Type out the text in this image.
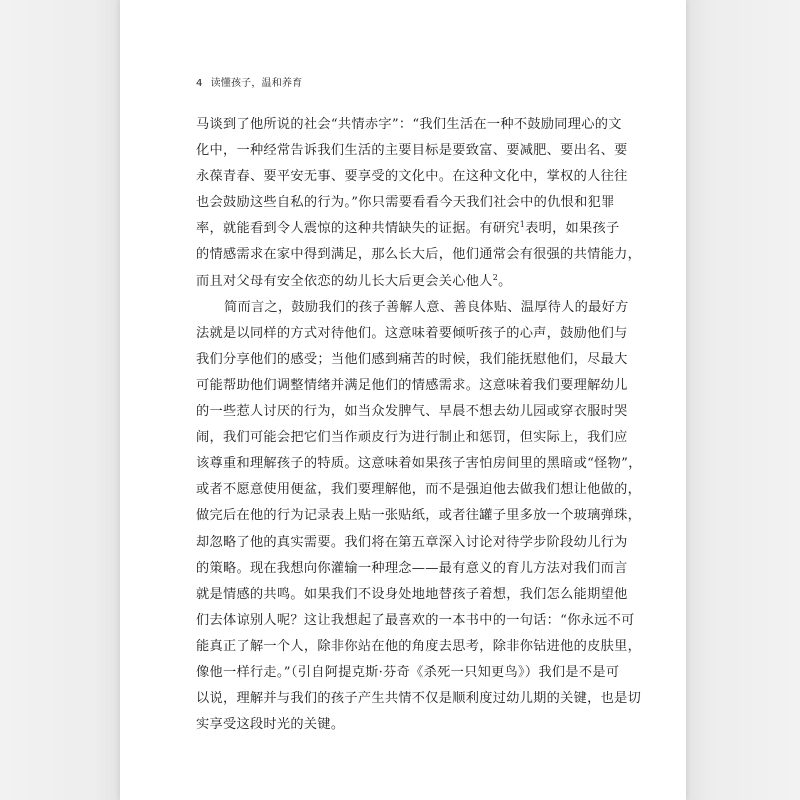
4 读懂孩子，温和养育
马谈到了他所说的社会“共情赤字”：“我们生活在一种不鼓励同理心的文
化中，一种经常告诉我们生活的主要目标是要致富、要减肥、要出名、要
永葆青春、要平安无事、要享受的文化中。在这种文化中，掌权的人往往
也会鼓励这些自私的行为。”你只需要看看今天我们社会中的仇恨和犯罪
率，就能看到令人震惊的这种共情缺失的证据。有研究$^1$表明，如果孩子
的情感需求在家中得到满足，那么长大后，他们通常会有很强的共情能力，
而且对父母有安全依恋的幼儿长大后更会关心他人$^2$。
简而言之，鼓励我们的孩子善解人意、善良体贴、温厚待人的最好方
法就是以同样的方式对待他们。这意味着要倾听孩子的心声，鼓励他们与
我们分享他们的感受；当他们感到痛苦的时候，我们能抚慰他们，尽最大
可能帮助他们调整情绪并满足他们的情感需求。这意味着我们要理解幼儿
的一些惹人讨厌的行为，如当众发脾气、早晨不想去幼儿园或穿衣服时哭
闹，我们可能会把它们当作顽皮行为进行制止和惩罚，但实际上，我们应
该尊重和理解孩子的特质。这意味着如果孩子害怕房间里的黑暗或“怪物”，
或者不愿意使用便盆，我们要理解他，而不是强迫他去做我们想让他做的，
做完后在他的行为记录表上贴一张贴纸，或者往罐子里多放一个玻璃弹珠，
却忽略了他的真实需要。我们将在第五章深入讨论对待学步阶段幼儿行为
的策略。现在我想向你灌输一种理念——最有意义的育儿方法对我们而言
就是情感的共鸣。如果我们不设身处地地替孩子着想，我们怎么能期望他
们去体谅别人呢？这让我想起了最喜欢的一本书中的一句话：“你永远不可
能真正了解一个人，除非你站在他的角度去思考，除非你钻进他的皮肤里，
像他一样行走。”（引自阿提克斯·芬奇《杀死一只知更鸟》）我们是不是可
以说，理解并与我们的孩子产生共情不仅是顺利度过幼儿期的关键，也是切
实享受这段时光的关键。
